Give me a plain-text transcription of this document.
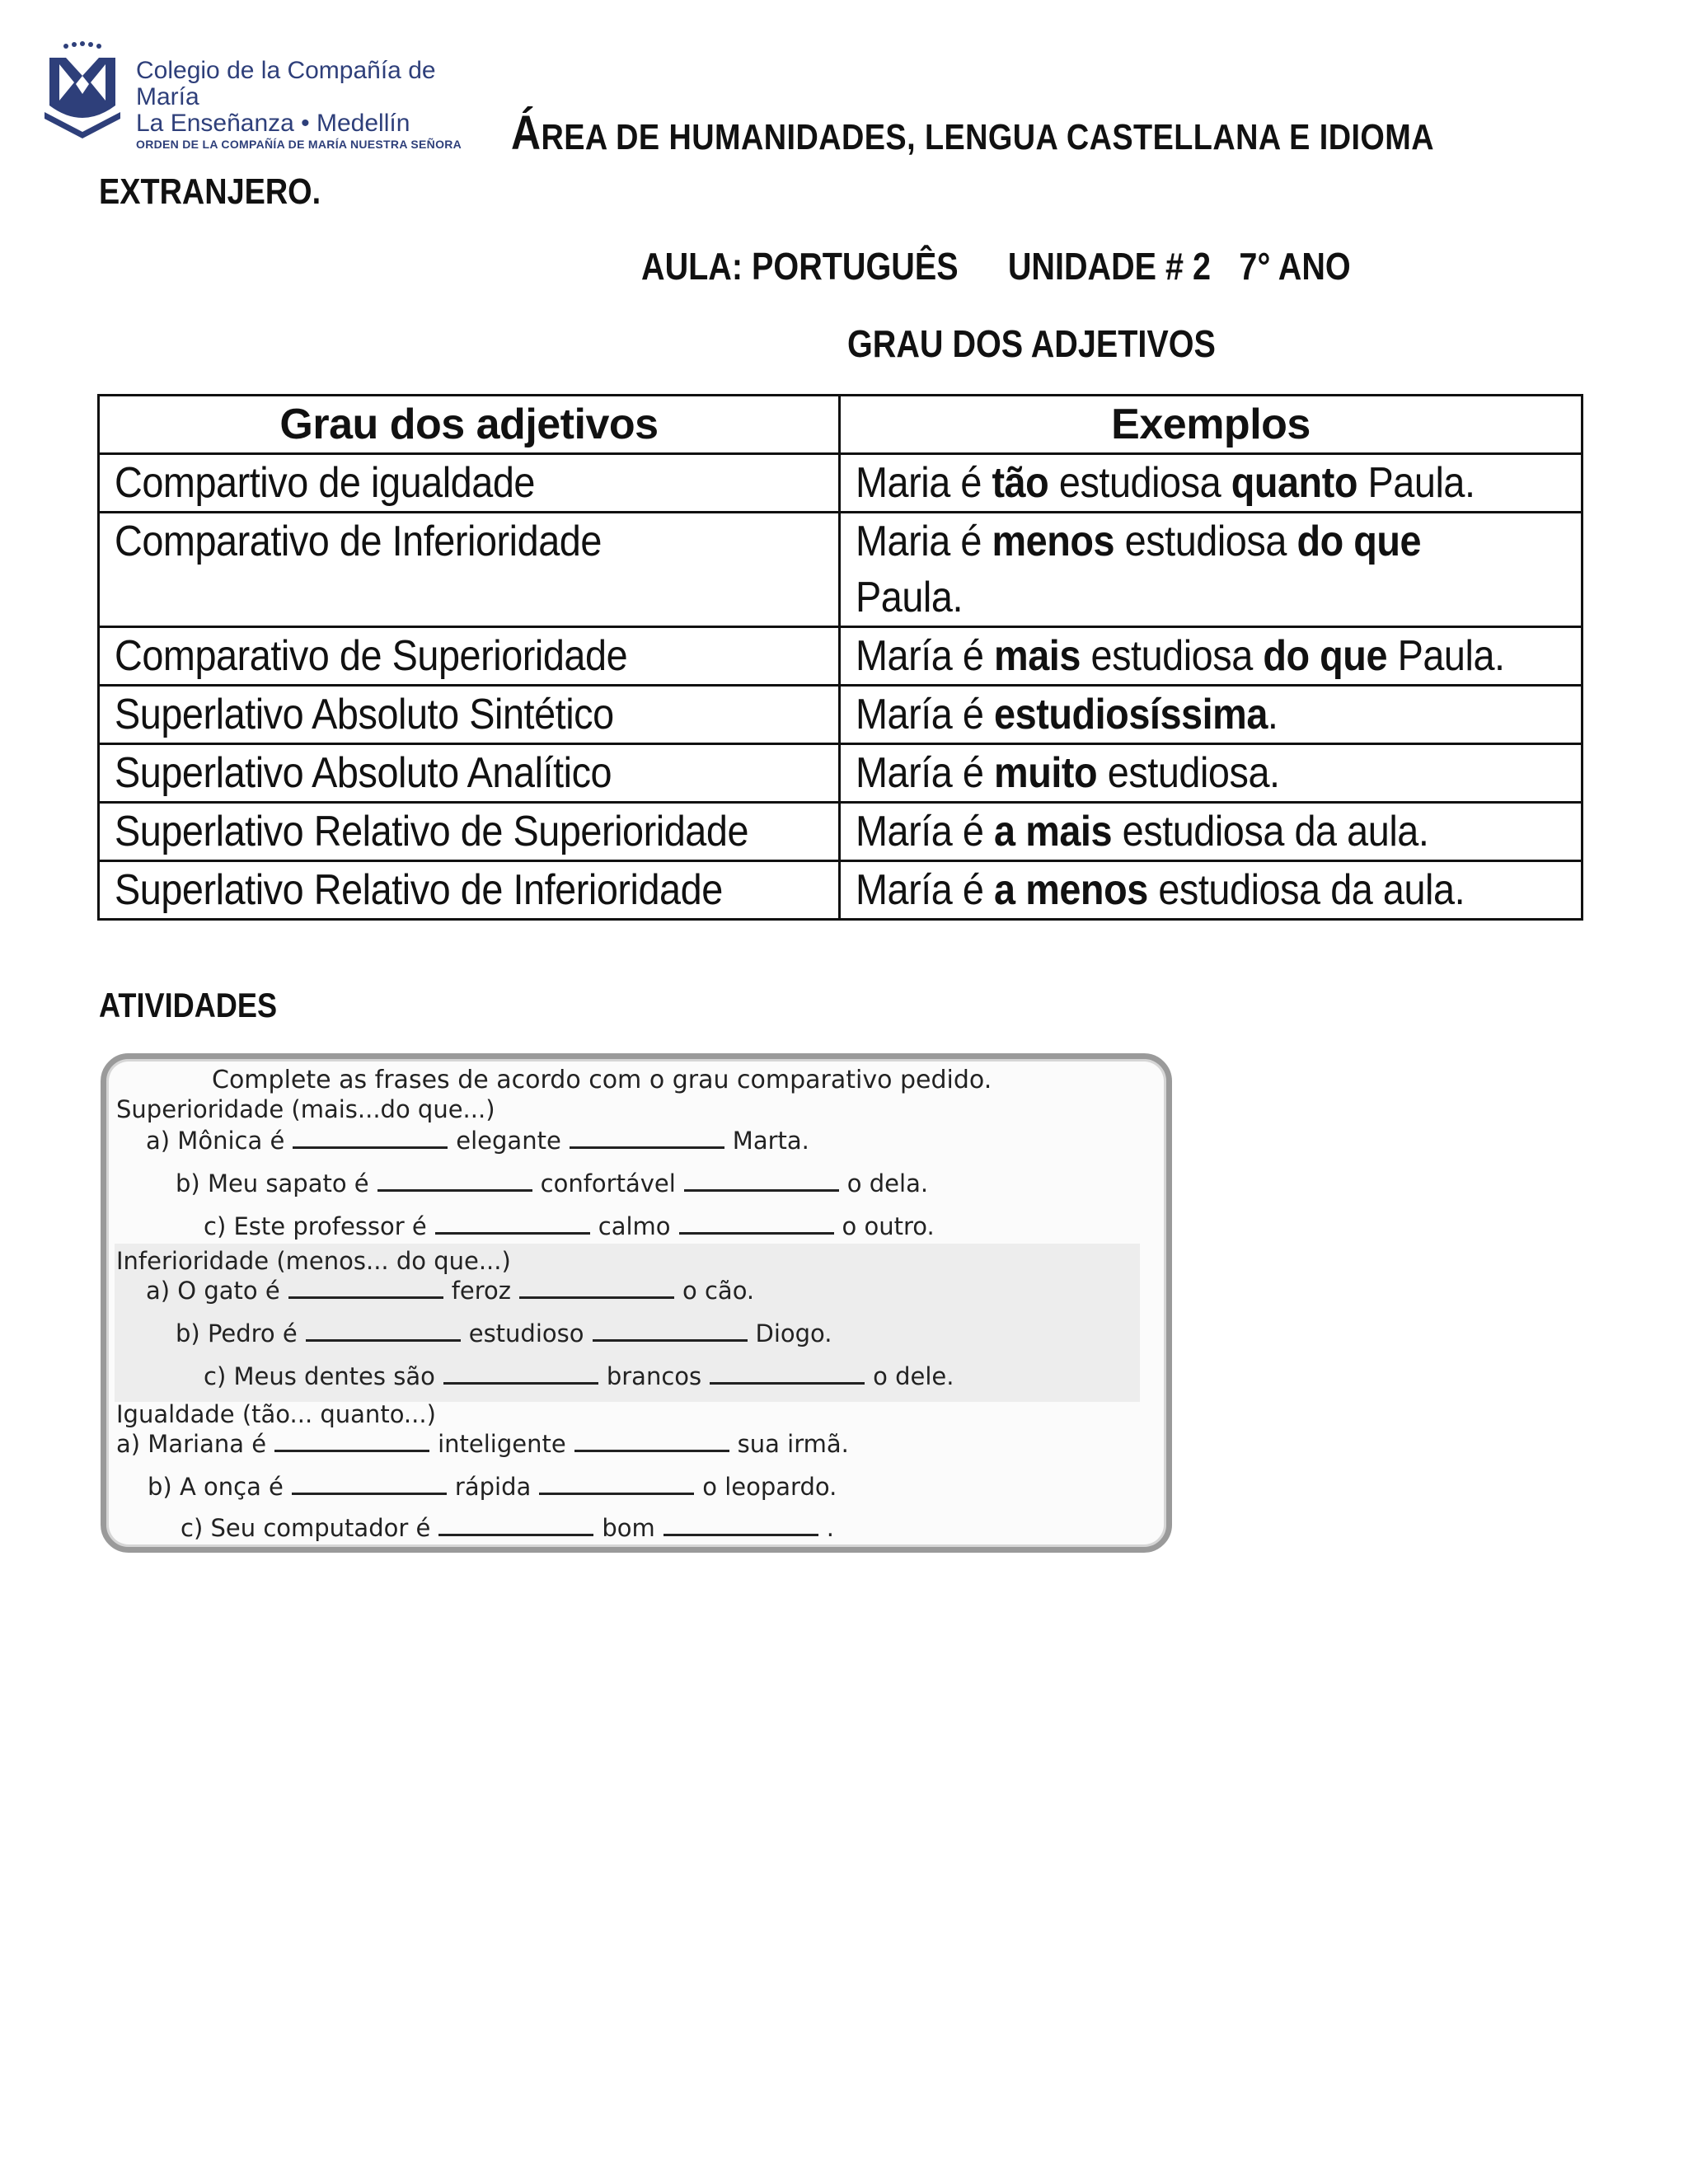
Colegio de la Compañía de María
La Enseñanza • Medellín
ORDEN DE LA COMPAÑÍA DE MARÍA NUESTRA SEÑORA	ÁREA DE HUMANIDADES, LENGUA CASTELLANA E IDIOMA
EXTRANJERO.
AULA: PORTUGUÊS UNIDADE # 2 7° ANO
GRAU DOS ADJETIVOS
Grau dos adjetivos	Exemplos
Compartivo de igualdade	Maria é tão estudiosa quanto Paula.
Comparativo de Inferioridade	Maria é menos estudiosa do que
Paula.
Comparativo de Superioridade	María é mais estudiosa do que Paula.
Superlativo Absoluto Sintético	María é estudiosíssima.
Superlativo Absoluto Analítico	María é muito estudiosa.
Superlativo Relativo de Superioridade	María é a mais estudiosa da aula.
Superlativo Relativo de Inferioridade	María é a menos estudiosa da aula.
ATIVIDADES
Complete as frases de acordo com o grau comparativo pedido.
Superioridade (mais...do que...)
a) Mônica é	elegante	Marta.
b) Meu sapato é	confortável	o dela.
c) Este professor é	calmo	o outro.
Inferioridade (menos... do que...)
a) O gato é	feroz	o cão.
b) Pedro é	estudioso	Diogo.
c) Meus dentes são	brancos	o dele.
Igualdade (tão... quanto...)
a) Mariana é	inteligente	sua irmã.
b) A onça é	rápida	o leopardo.
c) Seu computador é	bom	.
